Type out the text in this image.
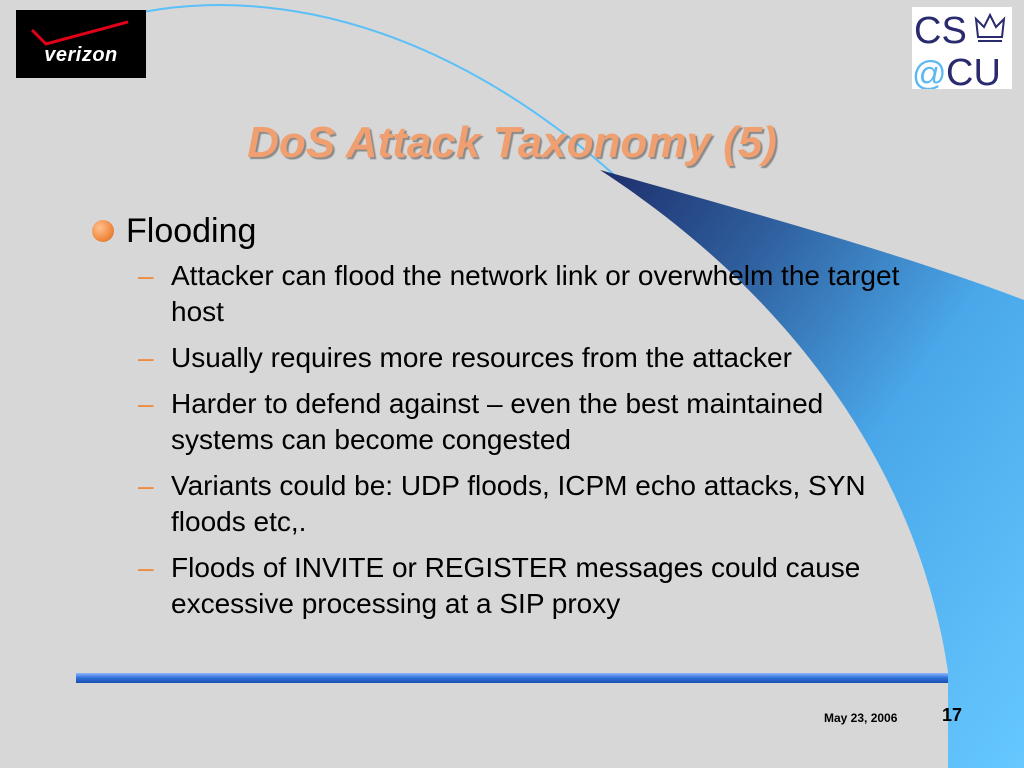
verizon
CS
@ CU
DoS Attack Taxonomy (5)
Flooding
– Attacker can flood the network link or overwhelm the target host
– Usually requires more resources from the attacker
– Harder to defend against – even the best maintained systems can become congested
– Variants could be: UDP floods, ICPM echo attacks, SYN floods etc,.
– Floods of INVITE or REGISTER messages could cause excessive processing at a SIP proxy
May 23, 2006 17
